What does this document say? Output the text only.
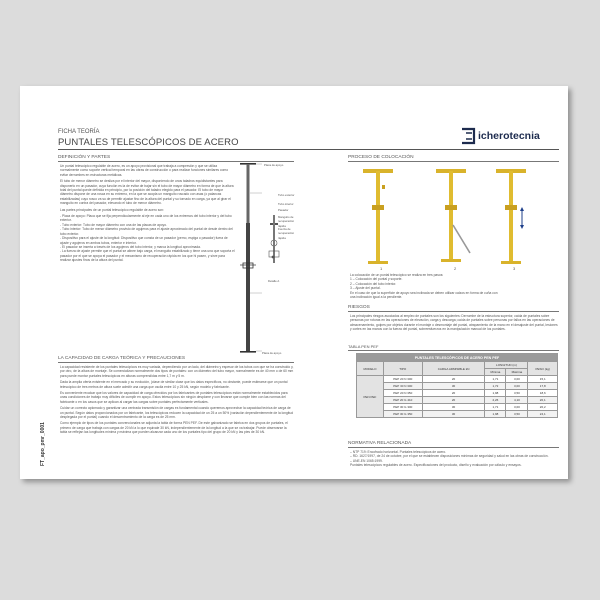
FT_apo_pmr_0001
FICHA TEORÍA
PUNTALES TELESCÓPICOS DE ACERO
icherotecnia
DEFINICIÓN Y PARTES

Un puntal telescópico regulable de acero, es un apoyo provisional que trabaja a compresión y que se utiliza normalmente como soporte vertical temporal en las obras de construcción o para realizar funciones similares como evitar derrumbes en estructuras metálicas.

El tubo de menor diámetro se desliza por el interior del mayor, disponiendo de unos taladros equidistantes para disponerlo en un pasador, cuya función es la de evitar de bajar sin el tubo de mayor diámetro en forma de que la altura total del puntal quede definida en principio, por la posición del taladro elegido para el pasador. El tubo de mayor diámetro dispone de una rosca en su extremo, en la que se acopla un manguito roscado con asas (o palancas estabilizadas) cuyo rosco va su de permitir ajustar fino de la altura del puntal y su tornado en carga, ya que al girar el manguito en contra del pasador, elevando el tubo de menor diámetro.

Las partes principales de un puntal telescópico regulable de acero son:

- Placa de apoyo: Placa que se fija perpendicularmente al eje en cada uno de los extremos del tubo interior y del tubo exterior.

- Tubo exterior: Tubo de mayor diámetro con una de las placas de apoyo.

- Tubo interior: Tubo de menor diámetro provisto de agujeros para el ajuste aproximado del puntal de desde dentro del tubo exterior.

- Dispositivo para el ajuste de la longitud: Dispositivo que consta de un pasador (perno, espiga o pasador) fuera de ajuste y agujeros en ambos tubos, exterior e interior.

- El pasador se inserta a través de los agujeros del tubo interior, y marca la longitud aproximada.

- La fuerza de ajuste permite que el puntal se alinee bajo carga, el manguito estabilizado y tiene una una que soporta el pasador por el que se apoya el pasador y el mecanismo de recuperación rápida en los que hi pasen, y sirve para realizar ajustes finos de la altura del puntal.

Placa de apoyo
Tubo exterior
Tubo interior
Pasador
Manguito de recuperación rápida
Fuerza de recuperación rápida
Detalle A
Placa de apoyo
LA CAPACIDAD DE CARGA TEÓRICA Y PRECAUCIONES

La capacidad resistente de los puntales telescópicos es muy variada, dependiendo por un lado, del diámetro y espesor de los tubos con que se ha construido y, por otro, de la altura de montaje. Se comercializan normalmente dos tipos de puntales: con un diámetro del tubo mayor, normalmente es de 40 mm o de 60 mm para puede montar puntales telescópicos en alturas comprendidas entre 1,7 m y 5 m.

Dada la amplia oferta existente en el mercado y su evolución, (clase de similar clase que los datos específicos, no obstante, puede estimarse que un puntal telescópico de tres metros de altura suele admitir una carga que oscila entre 10 y 25 kN, según modelo y fabricante.

Es conveniente recalcar que los valores de capacidad de carga ofrecidos por los fabricantes de puntales telescópicos están normalmente establecidos para unas condiciones de trabajo muy difíciles de cumplir en apoyo. Estos telescópicos sin ningún desplome y con llevarse que cumple bien con las normas del fabricante o en los casos que se aplican al cargar las cargas sobre puntales perfectamente verticales.

Cuidar un correcto aplomado y garantizar una centrada transmisión de cargas es fundamental cuando queremos aprovechar la capacidad teórica de carga de un puntal. Según datos proporcionados por un fabricante, los telescópicos reducen la capacidad de un 25 a un 50% (variación dependientemente de la longitud desplegada por el puntal) cuando el descentramiento de la carga es de 25 mm.

Como ejemplo de tipos de los puntales convencionales se adjunta la tabla de forma PEN PEF. De este galvanizado se fabrica en dos grupos de puntales, el primero de carga que trabaja con cargas de 20 kN a lo que equivale 30 kN, independientemente de la longitud a la que se va trabajar. Puede observarse la tabla se reflejan las longitudes mínima y máxima que pueden alcanzar cada uno de los puntales tipo del grupo de 20 kN y las pies de 30 kN.

PROCESO DE COLOCACIÓN
1	2	3

La colocación de un puntal telescópico se realiza en tres pasos:

1 – Colocación del puntal y soporte.

2 – Colocación del tubo interior.

3 – Ajuste del puntal.

En el caso de que la superficie de apoyo sea inclinada se deben utilizar calzos en forma de cuña con una inclinación igual a la pendiente.

RIESGOS

Los principales riesgos asociados al empleo de puntales son los siguientes: Derrumbe de la estructura superior, caída de puntales sobre personas por roturas en las operaciones de elevación, carga y descarga; caída de puntales sobre personas por fallos en las operaciones de almacenamiento, golpes por objetos durante el montaje o desmontaje del puntal, atrapamiento de la mano en el desajuste del puntal, lesiones y cortes en las manos con la fuerza del puntal, sobreesfuerzos en la manipulación manual de los puntales.

TABLA PEN PEF
PUNTALES TELESCÓPICOS DE ACERO PEN PEF					
MODELO	TIPO	CARGA ADMISIBLE kN	LONGITUD (m)		PESO (kg)
			Mínima	Máxima	
PEN PEF	PEP 20 N 300	20	1,71	3,00	15,1
	PEP 30 N 300	30	1,72	3,00	17,8
	PEP 20 N 350	20	1,98	3,50	18,6
	PEP 20 G 410	20	2,26	4,10	20,1
	PEP 30 G 300	30	1,71	3,00	20,2
	PEP 30 G 350	30	1,98	3,50	24,1
NORMATIVA RELACIONADA

– NTP 719: Encofrado horizontal. Puntales telescópicos de acero.

– RD. 1627/1997, de 24 de octubre, por el que se establecen disposiciones mínimas de seguridad y salud en las obras de construcción.

– UNE-EN 1065:1999.

Puntales telescópicos regulables de acero. Especificaciones del producto, diseño y evaluación por cálculo y ensayos.
